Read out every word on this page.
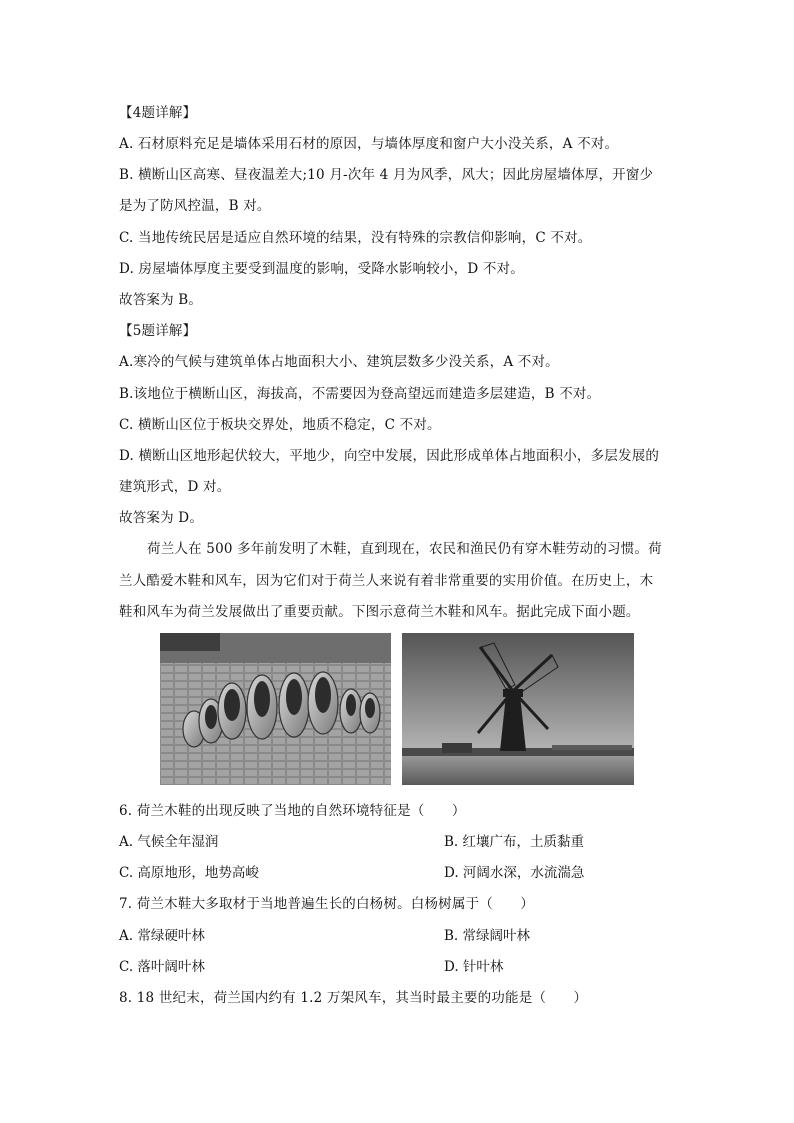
【4题详解】
A. 石材原料充足是墙体采用石材的原因，与墙体厚度和窗户大小没关系，A 不对。
B. 横断山区高寒、昼夜温差大;10 月-次年 4 月为风季，风大；因此房屋墙体厚，开窗少
是为了防风控温，B 对。
C. 当地传统民居是适应自然环境的结果，没有特殊的宗教信仰影响，C 不对。
D. 房屋墙体厚度主要受到温度的影响，受降水影响较小，D 不对。
故答案为 B。
【5题详解】
A.寒冷的气候与建筑单体占地面积大小、建筑层数多少没关系，A 不对。
B.该地位于横断山区，海拔高，不需要因为登高望远而建造多层建造，B 不对。
C. 横断山区位于板块交界处，地质不稳定，C 不对。
D. 横断山区地形起伏较大，平地少，向空中发展，因此形成单体占地面积小，多层发展的
建筑形式，D 对。
故答案为 D。
荷兰人在 500 多年前发明了木鞋，直到现在，农民和渔民仍有穿木鞋劳动的习惯。荷
兰人酷爱木鞋和风车，因为它们对于荷兰人来说有着非常重要的实用价值。在历史上，木
鞋和风车为荷兰发展做出了重要贡献。下图示意荷兰木鞋和风车。据此完成下面小题。
6. 荷兰木鞋的出现反映了当地的自然环境特征是（　　）
A. 气候全年湿润	B. 红壤广布，土质黏重
C. 高原地形，地势高峻	D. 河阔水深，水流湍急
7. 荷兰木鞋大多取材于当地普遍生长的白杨树。白杨树属于（　　）
A. 常绿硬叶林	B. 常绿阔叶林
C. 落叶阔叶林	D. 针叶林
8. 18 世纪末，荷兰国内约有 1.2 万架风车，其当时最主要的功能是（　　）
